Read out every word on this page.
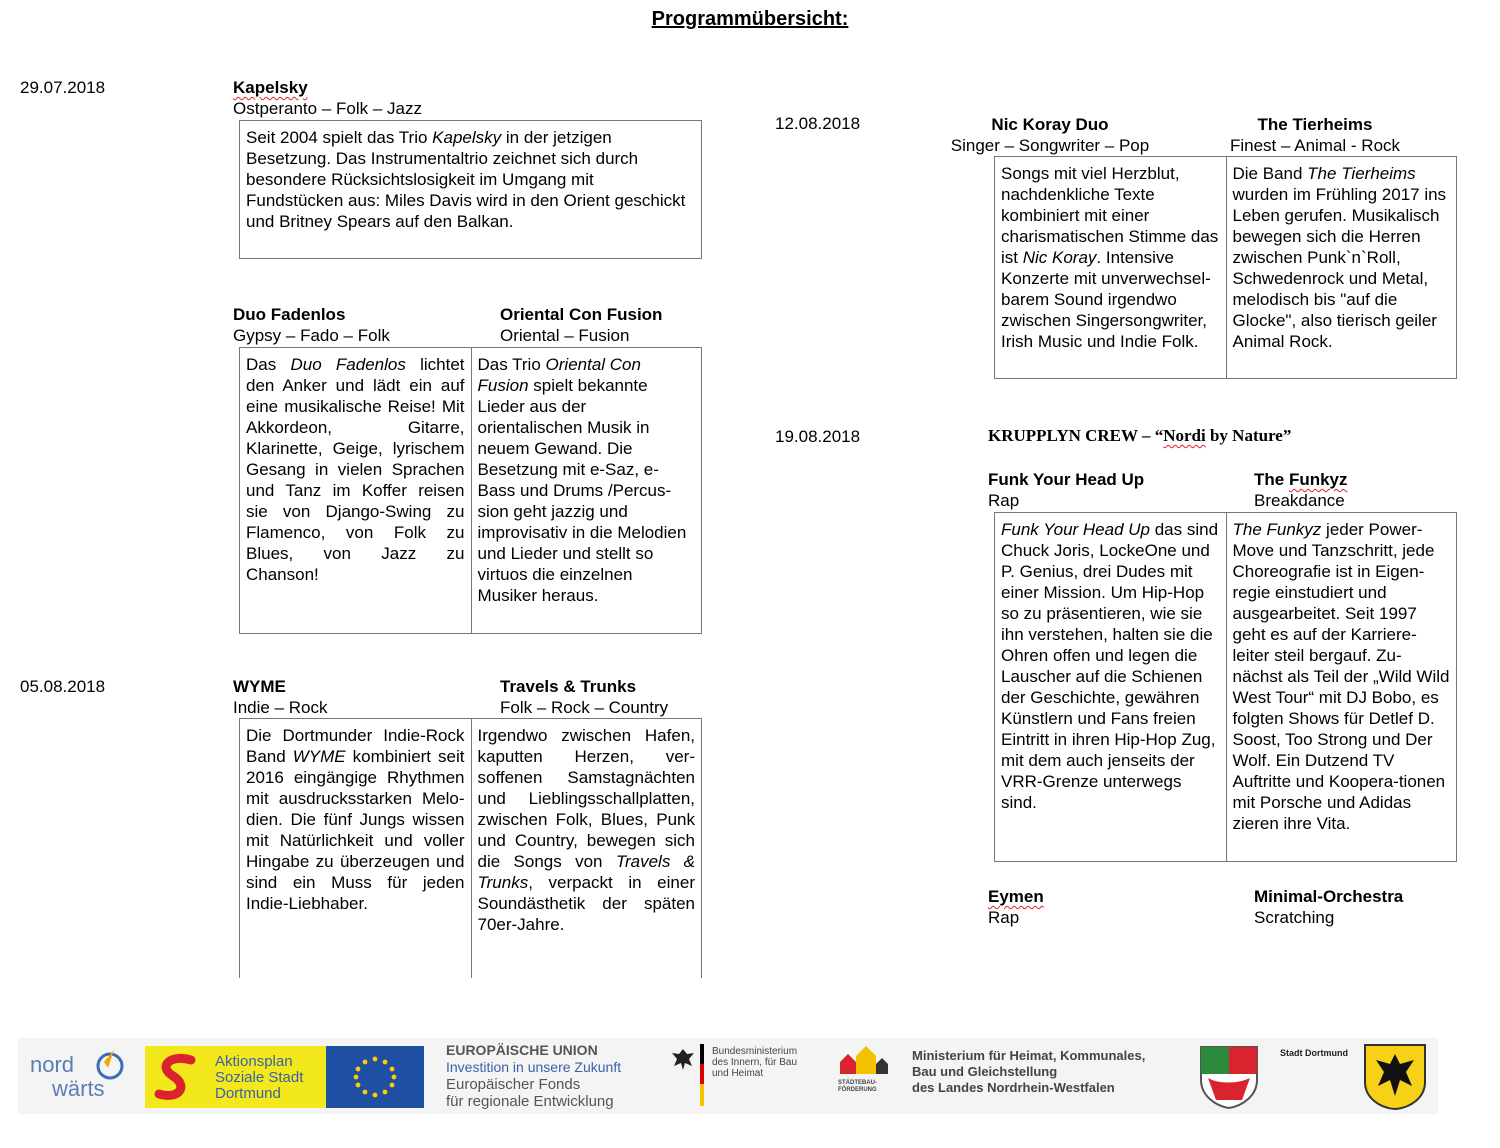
Programmübersicht:
29.07.2018
05.08.2018
12.08.2018
19.08.2018
Kapelsky
Ostperanto – Folk – Jazz
Seit 2004 spielt das Trio Kapelsky in der jetzigen Besetzung. Das Instrumentaltrio zeichnet sich durch besondere Rücksichtslosigkeit im Umgang mit Fundstücken aus: Miles Davis wird in den Orient geschickt und Britney Spears auf den Balkan.
Duo Fadenlos
Gypsy – Fado – Folk
Oriental Con Fusion
Oriental – Fusion
Das Duo Fadenlos lichtet den Anker und lädt ein auf eine musikalische Reise! Mit Akkordeon, Gitarre, Klarinette, Geige, lyrischem Gesang in vielen Sprachen und Tanz im Koffer reisen sie von Django-Swing zu Flamenco, von Folk zu Blues, von Jazz zu Chanson!
Das Trio Oriental Con Fusion spielt bekannte Lieder aus der orientalischen Musik in neuem Gewand. Die Besetzung mit e-Saz, e-Bass und Drums /Percus-sion geht jazzig und improvisativ in die Melodien und Lieder und stellt so virtuos die einzelnen Musiker heraus.
WYME
Indie – Rock
Travels & Trunks
Folk – Rock – Country
Die Dortmunder Indie-Rock Band WYME kombiniert seit 2016 eingängige Rhythmen mit ausdrucksstarken Melo-dien. Die fünf Jungs wissen mit Natürlichkeit und voller Hingabe zu überzeugen und sind ein Muss für jeden Indie-Liebhaber.
Irgendwo zwischen Hafen, kaputten Herzen, ver-soffenen Samstagnächten und Lieblingsschallplatten, zwischen Folk, Blues, Punk und Country, bewegen sich die Songs von Travels & Trunks, verpackt in einer Soundästhetik der späten 70er-Jahre.
Nic Koray Duo
Singer – Songwriter – Pop
The Tierheims
Finest – Animal - Rock
Songs mit viel Herzblut, nachdenkliche Texte kombiniert mit einer charismatischen Stimme das ist Nic Koray. Intensive Konzerte mit unverwechsel-barem Sound irgendwo zwischen Singersongwriter, Irish Music und Indie Folk.
Die Band The Tierheims wurden im Frühling 2017 ins Leben gerufen. Musikalisch bewegen sich die Herren zwischen Punk`n`Roll, Schwedenrock und Metal, melodisch bis "auf die Glocke", also tierisch geiler Animal Rock.
KRUPPLYN CREW – “Nordi by Nature”
Funk Your Head Up
Rap
The Funkyz
Breakdance
Funk Your Head Up das sind Chuck Joris, LockeOne und P. Genius, drei Dudes mit einer Mission. Um Hip-Hop so zu präsentieren, wie sie ihn verstehen, halten sie die Ohren offen und legen die Lauscher auf die Schienen der Geschichte, gewähren Künstlern und Fans freien Eintritt in ihren Hip-Hop Zug, mit dem auch jenseits der VRR-Grenze unterwegs sind.
The Funkyz jeder Power-Move und Tanzschritt, jede Choreografie ist in Eigen-regie einstudiert und ausgearbeitet. Seit 1997 geht es auf der Karriere-leiter steil bergauf. Zu-nächst als Teil der „Wild Wild West Tour“ mit DJ Bobo, es folgten Shows für Detlef D. Soost, Too Strong und Der Wolf. Ein Dutzend TV Auftritte und Koopera-tionen mit Porsche und Adidas zieren ihre Vita.
Eymen
Rap
Minimal-Orchestra
Scratching
nord
wärts
Aktionsplan
Soziale Stadt
Dortmund
EUROPÄISCHE UNION
Investition in unsere Zukunft
Europäischer Fonds
für regionale Entwicklung
Bundesministerium
des Innern, für Bau
und Heimat
STÄDTEBAU-
FÖRDERUNG
Ministerium für Heimat, Kommunales,
Bau und Gleichstellung
des Landes Nordrhein-Westfalen
Stadt Dortmund
